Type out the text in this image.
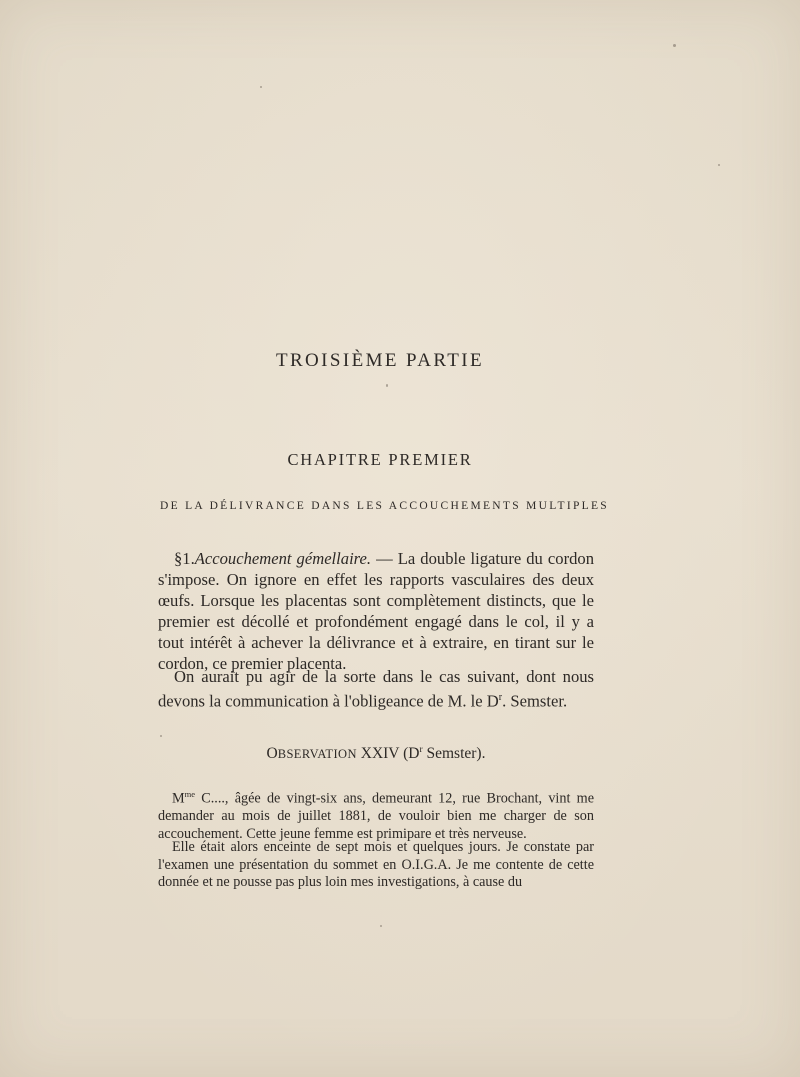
TROISIÈME PARTIE
CHAPITRE PREMIER
DE LA DÉLIVRANCE DANS LES ACCOUCHEMENTS MULTIPLES

§1.Accouchement gémellaire. — La double ligature du cordon s'impose. On ignore en effet les rapports vasculaires des deux œufs. Lorsque les placentas sont complètement distincts, que le premier est décollé et profondément engagé dans le col, il y a tout intérêt à achever la délivrance et à extraire, en tirant sur le cordon, ce premier placenta.

On aurait pu agir de la sorte dans le cas suivant, dont nous devons la communication à l'obligeance de M. le $D^r$. Semster.

OBSERVATION XXIV ($D^r$ Semster).

$M^{me}$ C...., âgée de vingt-six ans, demeurant 12, rue Brochant, vint me demander au mois de juillet 1881, de vouloir bien me charger de son accouchement. Cette jeune femme est primipare et très nerveuse.

Elle était alors enceinte de sept mois et quelques jours. Je constate par l'examen une présentation du sommet en O.I.G.A. Je me contente de cette donnée et ne pousse pas plus loin mes investigations, à cause du
